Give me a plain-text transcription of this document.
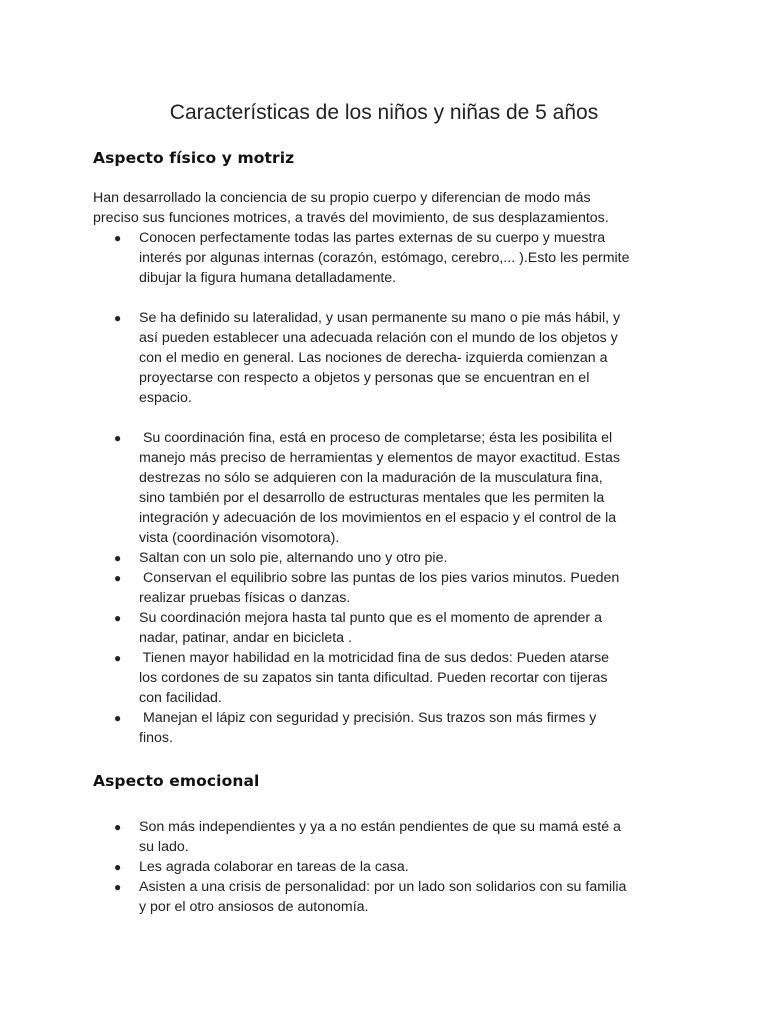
Características de los niños y niñas de 5 años
Aspecto físico y motriz

Han desarrollado la conciencia de su propio cuerpo y diferencian de modo más
preciso sus funciones motrices, a través del movimiento, de sus desplazamientos.

● Conocen perfectamente todas las partes externas de su cuerpo y muestra
interés por algunas internas (corazón, estómago, cerebro,... ).Esto les permite
dibujar la figura humana detalladamente.
● Se ha definido su lateralidad, y usan permanente su mano o pie más hábil, y
así pueden establecer una adecuada relación con el mundo de los objetos y
con el medio en general. Las nociones de derecha- izquierda comienzan a
proyectarse con respecto a objetos y personas que se encuentran en el
espacio.
● Su coordinación fina, está en proceso de completarse; ésta les posibilita el
manejo más preciso de herramientas y elementos de mayor exactitud. Estas
destrezas no sólo se adquieren con la maduración de la musculatura fina,
sino también por el desarrollo de estructuras mentales que les permiten la
integración y adecuación de los movimientos en el espacio y el control de la
vista (coordinación visomotora).
● Saltan con un solo pie, alternando uno y otro pie.
● Conservan el equilibrio sobre las puntas de los pies varios minutos. Pueden
realizar pruebas físicas o danzas.
● Su coordinación mejora hasta tal punto que es el momento de aprender a
nadar, patinar, andar en bicicleta .
● Tienen mayor habilidad en la motricidad fina de sus dedos: Pueden atarse
los cordones de su zapatos sin tanta dificultad. Pueden recortar con tijeras
con facilidad.
● Manejan el lápiz con seguridad y precisión. Sus trazos son más firmes y
finos.
Aspecto emocional
● Son más independientes y ya a no están pendientes de que su mamá esté a
su lado.
● Les agrada colaborar en tareas de la casa.
● Asisten a una crisis de personalidad: por un lado son solidarios con su familia
y por el otro ansiosos de autonomía.
